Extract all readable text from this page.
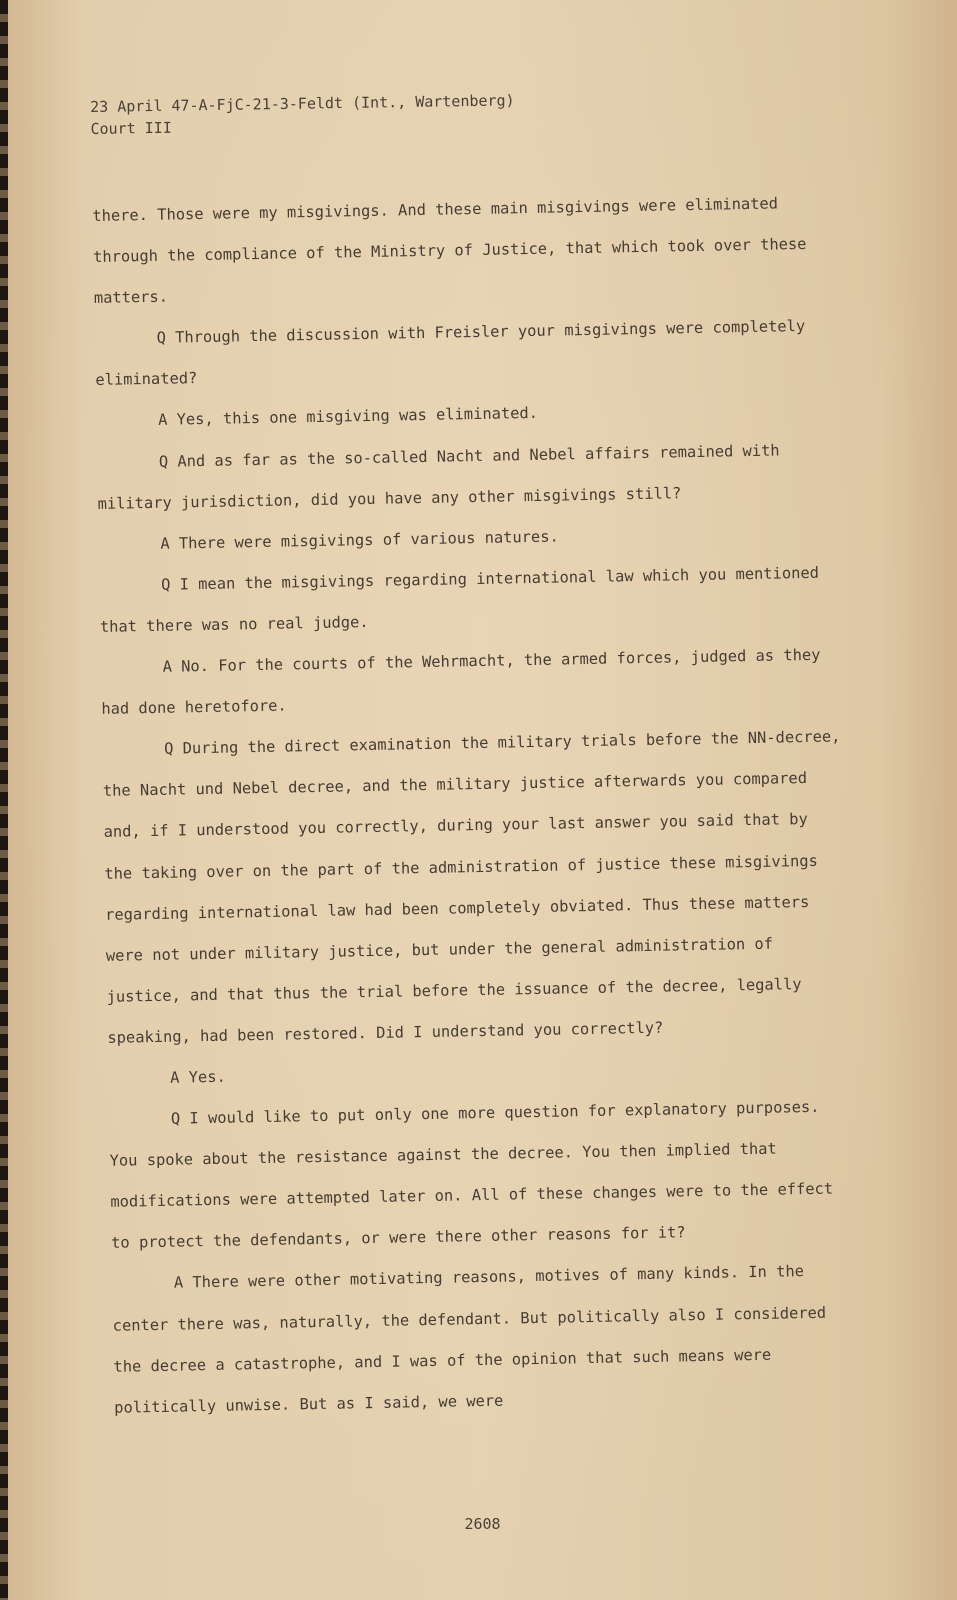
23 April 47-A-FjC-21-3-Feldt (Int., Wartenberg)
Court III

there. Those were my misgivings. And these main misgivings were eliminated through the compliance of the Ministry of Justice, that which took over these matters.

Q Through the discussion with Freisler your misgivings were completely eliminated?

A Yes, this one misgiving was eliminated.

Q And as far as the so-called Nacht and Nebel affairs remained with military jurisdiction, did you have any other misgivings still?

A There were misgivings of various natures.

Q I mean the misgivings regarding international law which you mentioned that there was no real judge.

A No. For the courts of the Wehrmacht, the armed forces, judged as they had done heretofore.

Q During the direct examination the military trials before the NN-decree, the Nacht und Nebel decree, and the military justice afterwards you compared and, if I understood you correctly, during your last answer you said that by the taking over on the part of the administration of justice these misgivings regarding international law had been completely obviated. Thus these matters were not under military justice, but under the general administration of justice, and that thus the trial before the issuance of the decree, legally speaking, had been restored. Did I understand you correctly?

A Yes.

Q I would like to put only one more question for explanatory purposes. You spoke about the resistance against the decree. You then implied that modifications were attempted later on. All of these changes were to the effect to protect the defendants, or were there other reasons for it?

A There were other motivating reasons, motives of many kinds. In the center there was, naturally, the defendant. But politically also I considered the decree a catastrophe, and I was of the opinion that such means were politically unwise. But as I said, we were

2608
